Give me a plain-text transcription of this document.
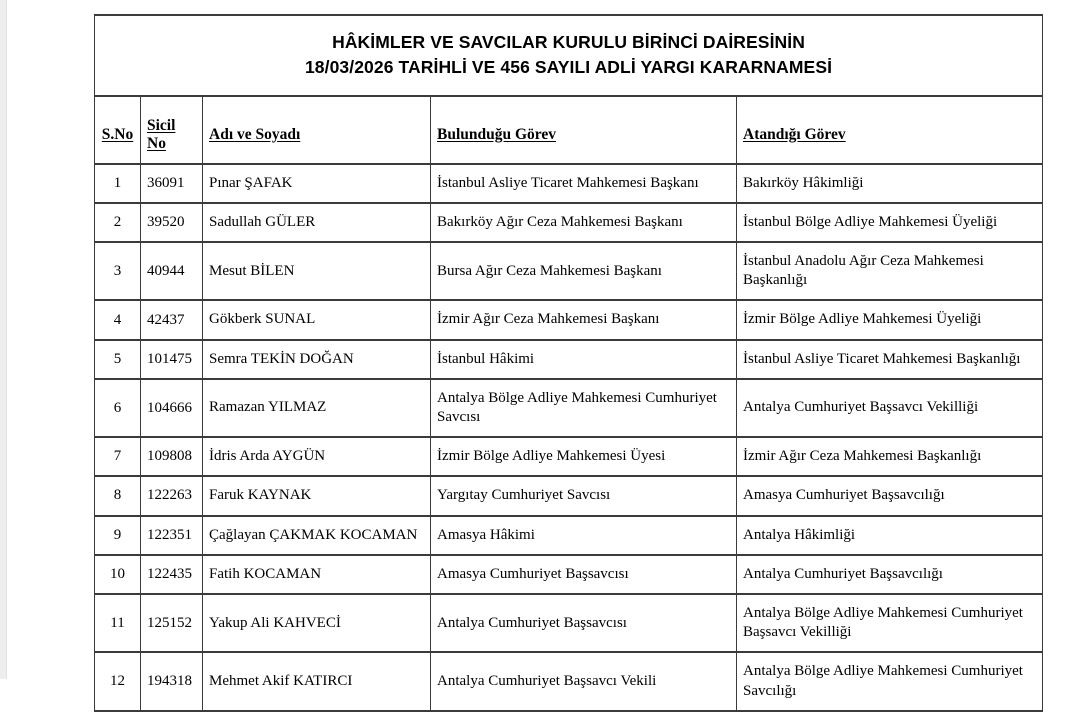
HÂKİMLER VE SAVCILAR KURULU BİRİNCİ DAİRESİNİN
18/03/2026 TARİHLİ VE 456 SAYILI ADLİ YARGI KARARNAMESİ				

S.No	Sicil No	Adı ve Soyadı	Bulunduğu Görev	Atandığı Görev
1	36091	Pınar ŞAFAK	İstanbul Asliye Ticaret Mahkemesi Başkanı	Bakırköy Hâkimliği
2	39520	Sadullah GÜLER	Bakırköy Ağır Ceza Mahkemesi Başkanı	İstanbul Bölge Adliye Mahkemesi Üyeliği
3	40944	Mesut BİLEN	Bursa Ağır Ceza Mahkemesi Başkanı	İstanbul Anadolu Ağır Ceza Mahkemesi Başkanlığı
4	42437	Gökberk SUNAL	İzmir Ağır Ceza Mahkemesi Başkanı	İzmir Bölge Adliye Mahkemesi Üyeliği
5	101475	Semra TEKİN DOĞAN	İstanbul Hâkimi	İstanbul Asliye Ticaret Mahkemesi Başkanlığı
6	104666	Ramazan YILMAZ	Antalya Bölge Adliye Mahkemesi Cumhuriyet Savcısı	Antalya Cumhuriyet Başsavcı Vekilliği
7	109808	İdris Arda AYGÜN	İzmir Bölge Adliye Mahkemesi Üyesi	İzmir Ağır Ceza Mahkemesi Başkanlığı
8	122263	Faruk KAYNAK	Yargıtay Cumhuriyet Savcısı	Amasya Cumhuriyet Başsavcılığı
9	122351	Çağlayan ÇAKMAK KOCAMAN	Amasya Hâkimi	Antalya Hâkimliği
10	122435	Fatih KOCAMAN	Amasya Cumhuriyet Başsavcısı	Antalya Cumhuriyet Başsavcılığı
11	125152	Yakup Ali KAHVECİ	Antalya Cumhuriyet Başsavcısı	Antalya Bölge Adliye Mahkemesi Cumhuriyet Başsavcı Vekilliği
12	194318	Mehmet Akif KATIRCI	Antalya Cumhuriyet Başsavcı Vekili	Antalya Bölge Adliye Mahkemesi Cumhuriyet Savcılığı
